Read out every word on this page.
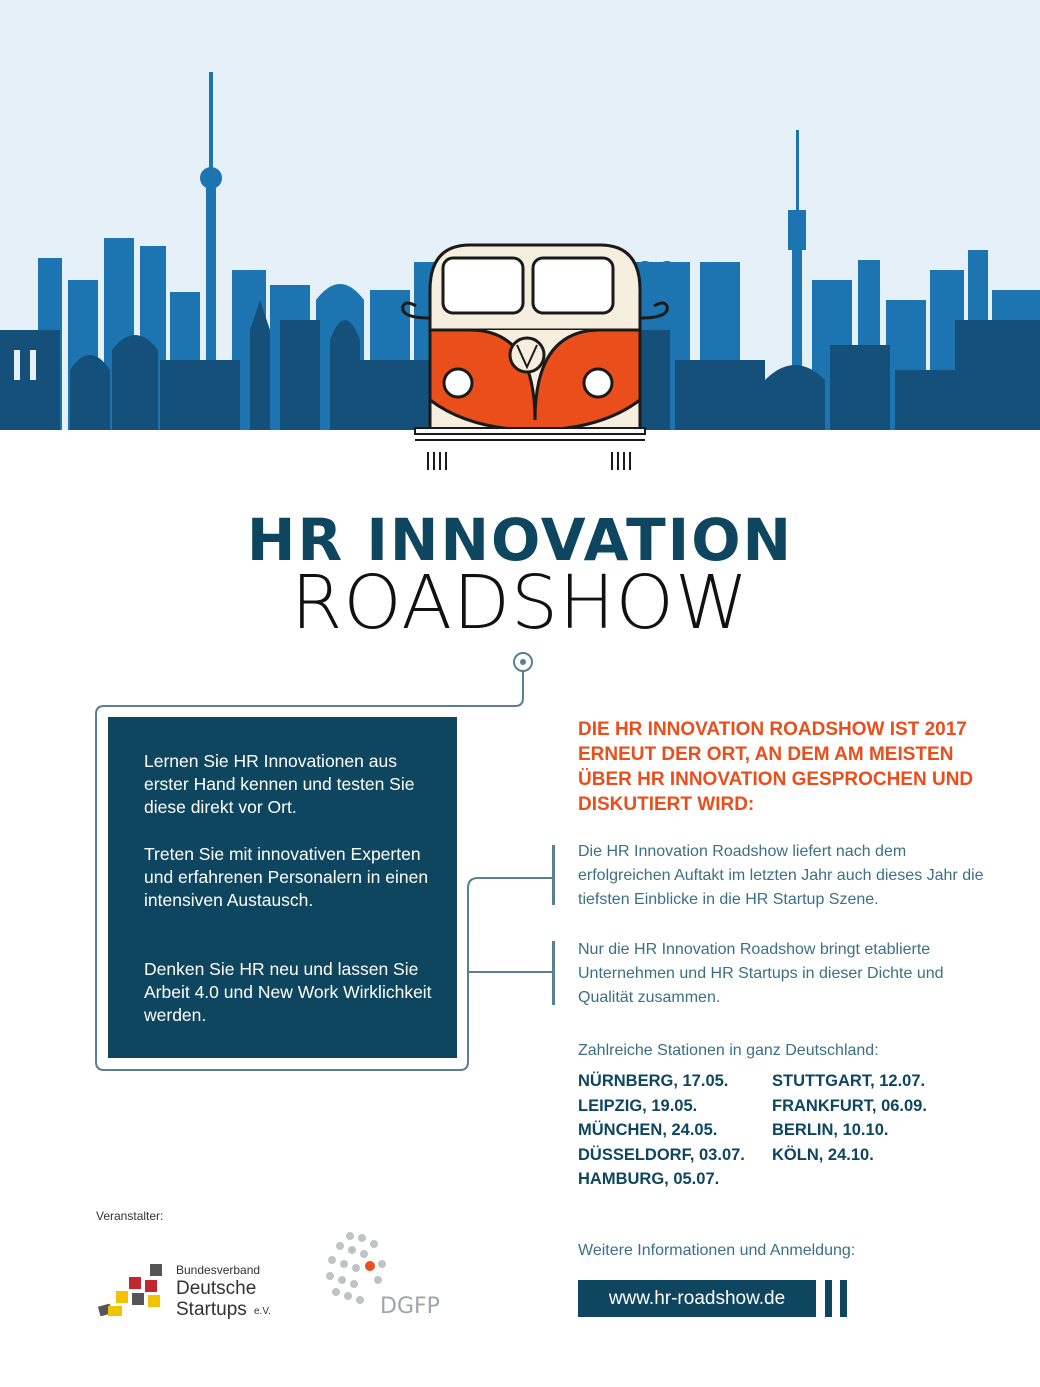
HR INNOVATION
ROADSHOW

Lernen Sie HR Innovationen aus erster Hand kennen und testen Sie diese direkt vor Ort.

Treten Sie mit innovativen Experten und erfahrenen Personalern in einen intensiven Austausch.

Denken Sie HR neu und lassen Sie Arbeit 4.0 und New Work Wirklichkeit werden.

DIE HR INNOVATION ROADSHOW IST 2017 ERNEUT DER ORT, AN DEM AM MEISTEN ÜBER HR INNOVATION GESPROCHEN UND DISKUTIERT WIRD:

Die HR Innovation Roadshow liefert nach dem erfolgreichen Auftakt im letzten Jahr auch dieses Jahr die tiefsten Einblicke in die HR Startup Szene.

Nur die HR Innovation Roadshow bringt etablierte Unternehmen und HR Startups in dieser Dichte und Qualität zusammen.

Zahlreiche Stationen in ganz Deutschland:

NÜRNBERG, 17.05.

LEIPZIG, 19.05.

MÜNCHEN, 24.05.

DÜSSELDORF, 03.07.

HAMBURG, 05.07.

STUTTGART, 12.07.

FRANKFURT, 06.09.

BERLIN, 10.10.

KÖLN, 24.10.

Weitere Informationen und Anmeldung:

www.hr-roadshow.de

Veranstalter:

Bundesverband

Deutsche

Startups e.V.	DGFP
